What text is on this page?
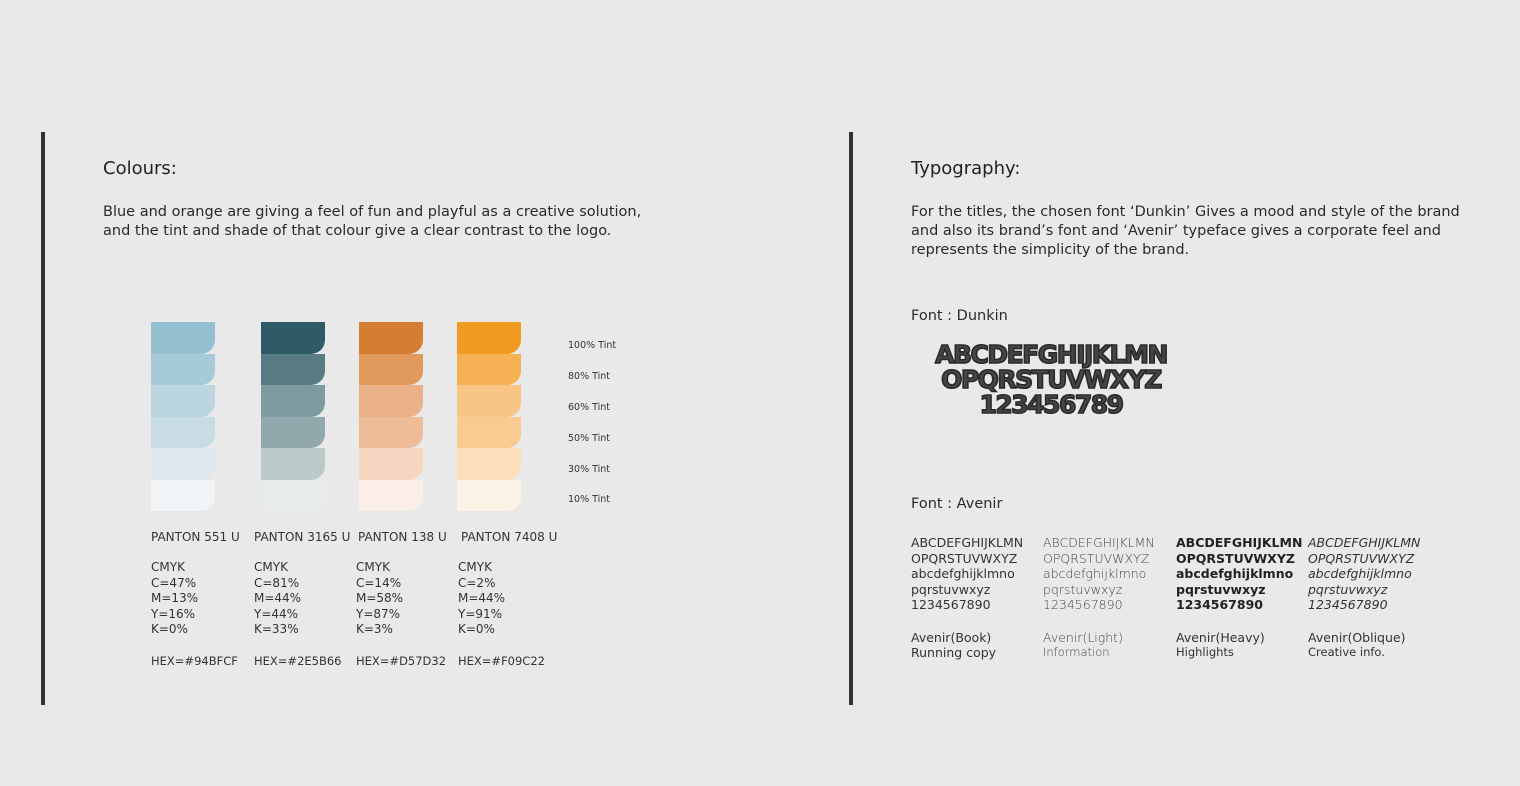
Colours:
Blue and orange are giving a feel of fun and playful as a creative solution,
and the tint and shade of that colour give a clear contrast to the logo.
100% Tint
80% Tint
60% Tint
50% Tint
30% Tint
10% Tint
PANTON 551 U PANTON 3165 U PANTON 138 U PANTON 7408 U
CMYK
C=47%
M=13%
Y=16%
K=0%
CMYK
C=81%
M=44%
Y=44%
K=33%
CMYK
C=14%
M=58%
Y=87%
K=3%
CMYK
C=2%
M=44%
Y=91%
K=0%
HEX=#94BFCF HEX=#2E5B66 HEX=#D57D32 HEX=#F09C22
Typography:
For the titles, the chosen font ‘Dunkin’ Gives a mood and style of the brand
and also its brand’s font and ‘Avenir’ typeface gives a corporate feel and
represents the simplicity of the brand.
Font : Dunkin
ABCDEFGHIJKLMN
OPQRSTUVWXYZ
123456789
Font : Avenir
ABCDEFGHIJKLMN
OPQRSTUVWXYZ
abcdefghijklmno
pqrstuvwxyz
1234567890
Avenir(Book)
Running copy
ABCDEFGHIJKLMN
OPQRSTUVWXYZ
abcdefghijklmno
pqrstuvwxyz
1234567890
Avenir(Light)
Information
ABCDEFGHIJKLMN
OPQRSTUVWXYZ
abcdefghijklmno
pqrstuvwxyz
1234567890
Avenir(Heavy)
Highlights
ABCDEFGHIJKLMN
OPQRSTUVWXYZ
abcdefghijklmno
pqrstuvwxyz
1234567890
Avenir(Oblique)
Creative info.
